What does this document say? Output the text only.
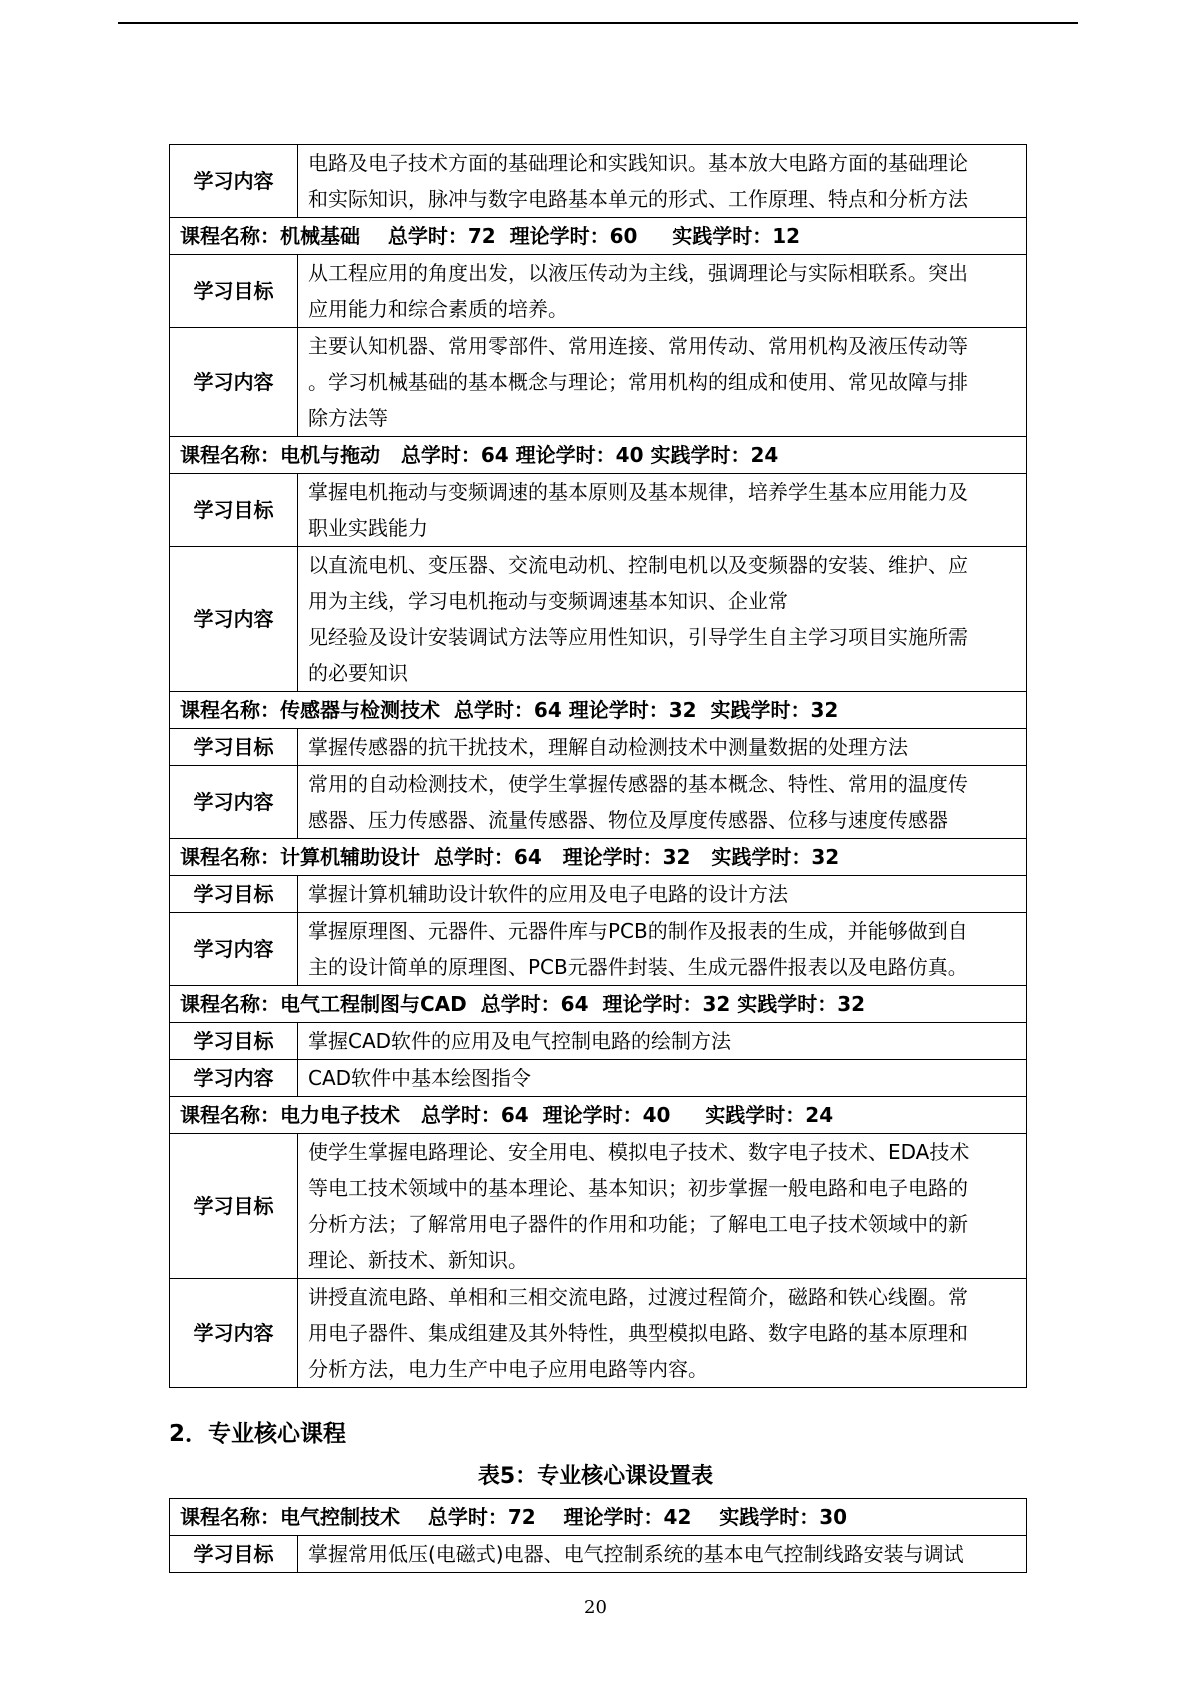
学习内容	电路及电子技术方面的基础理论和实践知识。基本放大电路方面的基础理论
和实际知识，脉冲与数字电路基本单元的形式、工作原理、特点和分析方法

课程名称：机械基础    总学时：72  理论学时：60     实践学时：12	
学习目标	从工程应用的角度出发，以液压传动为主线，强调理论与实际相联系。突出
应用能力和综合素质的培养。

学习内容	主要认知机器、常用零部件、常用连接、常用传动、常用机构及液压传动等
。学习机械基础的基本概念与理论；常用机构的组成和使用、常见故障与排
除方法等

课程名称：电机与拖动   总学时：64 理论学时：40 实践学时：24	
学习目标	掌握电机拖动与变频调速的基本原则及基本规律，培养学生基本应用能力及
职业实践能力

学习内容	以直流电机、变压器、交流电动机、控制电机以及变频器的安装、维护、应
用为主线，学习电机拖动与变频调速基本知识、企业常
见经验及设计安装调试方法等应用性知识，引导学生自主学习项目实施所需
的必要知识

课程名称：传感器与检测技术  总学时：64 理论学时：32  实践学时：32	
学习目标	掌握传感器的抗干扰技术，理解自动检测技术中测量数据的处理方法

学习内容	常用的自动检测技术，使学生掌握传感器的基本概念、特性、常用的温度传
感器、压力传感器、流量传感器、物位及厚度传感器、位移与速度传感器

课程名称：计算机辅助设计  总学时：64   理论学时：32   实践学时：32	
学习目标	掌握计算机辅助设计软件的应用及电子电路的设计方法

学习内容	掌握原理图、元器件、元器件库与PCB的制作及报表的生成，并能够做到自
主的设计简单的原理图、PCB元器件封装、生成元器件报表以及电路仿真。

课程名称：电气工程制图与CAD  总学时：64  理论学时：32 实践学时：32	
学习目标	掌握CAD软件的应用及电气控制电路的绘制方法

学习内容	CAD软件中基本绘图指令

课程名称：电力电子技术   总学时：64  理论学时：40     实践学时：24	
学习目标	使学生掌握电路理论、安全用电、模拟电子技术、数字电子技术、EDA技术
等电工技术领域中的基本理论、基本知识；初步掌握一般电路和电子电路的
分析方法；了解常用电子器件的作用和功能；了解电工电子技术领域中的新
理论、新技术、新知识。

学习内容	讲授直流电路、单相和三相交流电路，过渡过程简介，磁路和铁心线圈。常
用电子器件、集成组建及其外特性，典型模拟电路、数字电路的基本原理和
分析方法，电力生产中电子应用电路等内容。
2．专业核心课程
表5：专业核心课设置表
课程名称：电气控制技术    总学时：72    理论学时：42    实践学时：30
学习目标	掌握常用低压(电磁式)电器、电气控制系统的基本电气控制线路安装与调试
20
